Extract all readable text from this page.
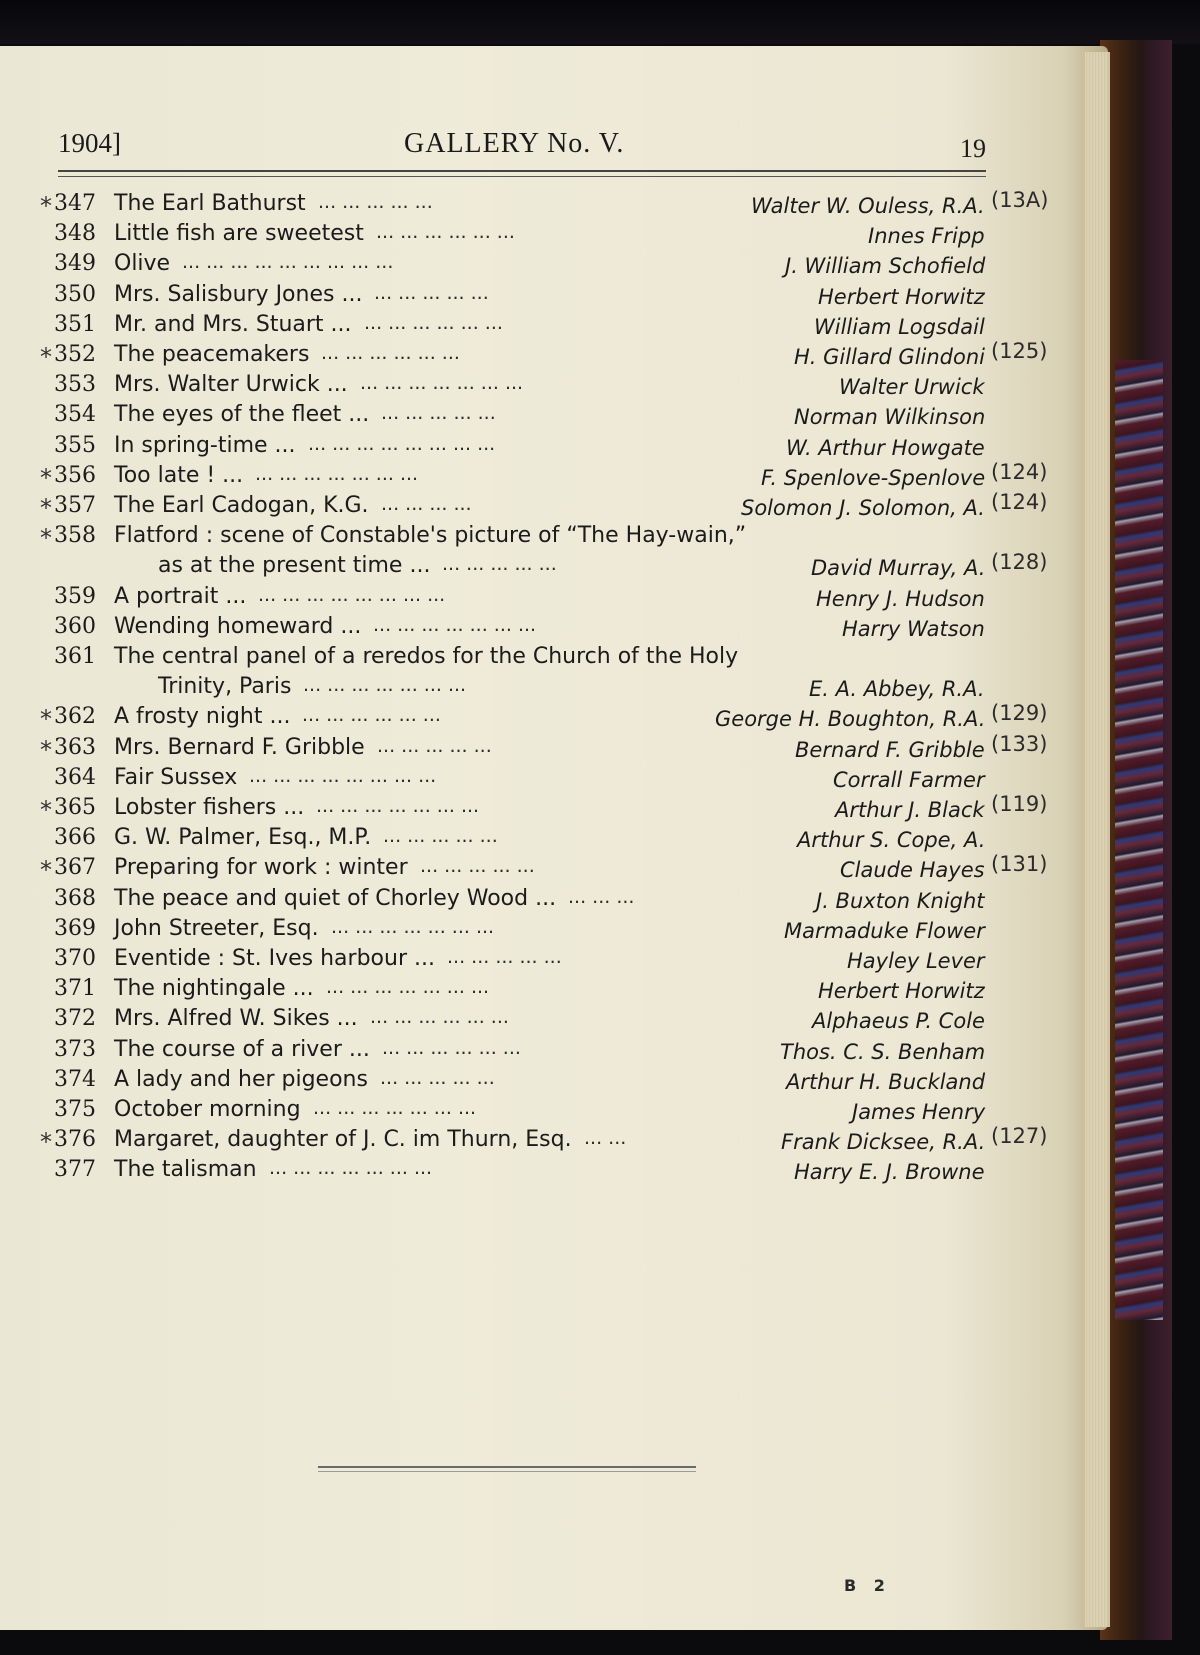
1904]	GALLERY No. V.	19
* 347 The Earl Bathurst ... ... ... ... ...	Walter W. Ouless, R.A. (13A)
348 Little fish are sweetest ... ... ... ... ... ...	Innes Fripp
349 Olive ... ... ... ... ... ... ... ... ...	J. William Schofield
350 Mrs. Salisbury Jones ... ... ... ... ... ...	Herbert Horwitz
351 Mr. and Mrs. Stuart ... ... ... ... ... ... ...	William Logsdail
* 352 The peacemakers ... ... ... ... ... ...	H. Gillard Glindoni (125)
353 Mrs. Walter Urwick ... ... ... ... ... ... ... ...	Walter Urwick
354 The eyes of the fleet ... ... ... ... ... ...	Norman Wilkinson
355 In spring-time ... ... ... ... ... ... ... ... ...	W. Arthur Howgate
* 356 Too late ! ... ... ... ... ... ... ... ...	F. Spenlove-Spenlove (124)
* 357 The Earl Cadogan, K.G. ... ... ... ...	Solomon J. Solomon, A. (124)
* 358 Flatford : scene of Constable's picture of “The Hay-wain,”
as at the present time ... ... ... ... ... ...	David Murray, A. (128)
359 A portrait ... ... ... ... ... ... ... ... ...	Henry J. Hudson
360 Wending homeward ... ... ... ... ... ... ... ...	Harry Watson
361 The central panel of a reredos for the Church of the Holy
Trinity, Paris ... ... ... ... ... ... ...	E. A. Abbey, R.A.
* 362 A frosty night ... ... ... ... ... ... ...	George H. Boughton, R.A. (129)
* 363 Mrs. Bernard F. Gribble ... ... ... ... ...	Bernard F. Gribble (133)
364 Fair Sussex ... ... ... ... ... ... ... ...	Corrall Farmer
* 365 Lobster fishers ... ... ... ... ... ... ... ...	Arthur J. Black (119)
366 G. W. Palmer, Esq., M.P. ... ... ... ... ...	Arthur S. Cope, A.
* 367 Preparing for work : winter ... ... ... ... ...	Claude Hayes (131)
368 The peace and quiet of Chorley Wood ... ... ... ...	J. Buxton Knight
369 John Streeter, Esq. ... ... ... ... ... ... ...	Marmaduke Flower
370 Eventide : St. Ives harbour ... ... ... ... ... ...	Hayley Lever
371 The nightingale ... ... ... ... ... ... ... ...	Herbert Horwitz
372 Mrs. Alfred W. Sikes ... ... ... ... ... ... ...	Alphaeus P. Cole
373 The course of a river ... ... ... ... ... ... ...	Thos. C. S. Benham
374 A lady and her pigeons ... ... ... ... ...	Arthur H. Buckland
375 October morning ... ... ... ... ... ... ...	James Henry
* 376 Margaret, daughter of J. C. im Thurn, Esq. ... ...	Frank Dicksee, R.A. (127)
377 The talisman ... ... ... ... ... ... ...	Harry E. J. Browne
B 2
